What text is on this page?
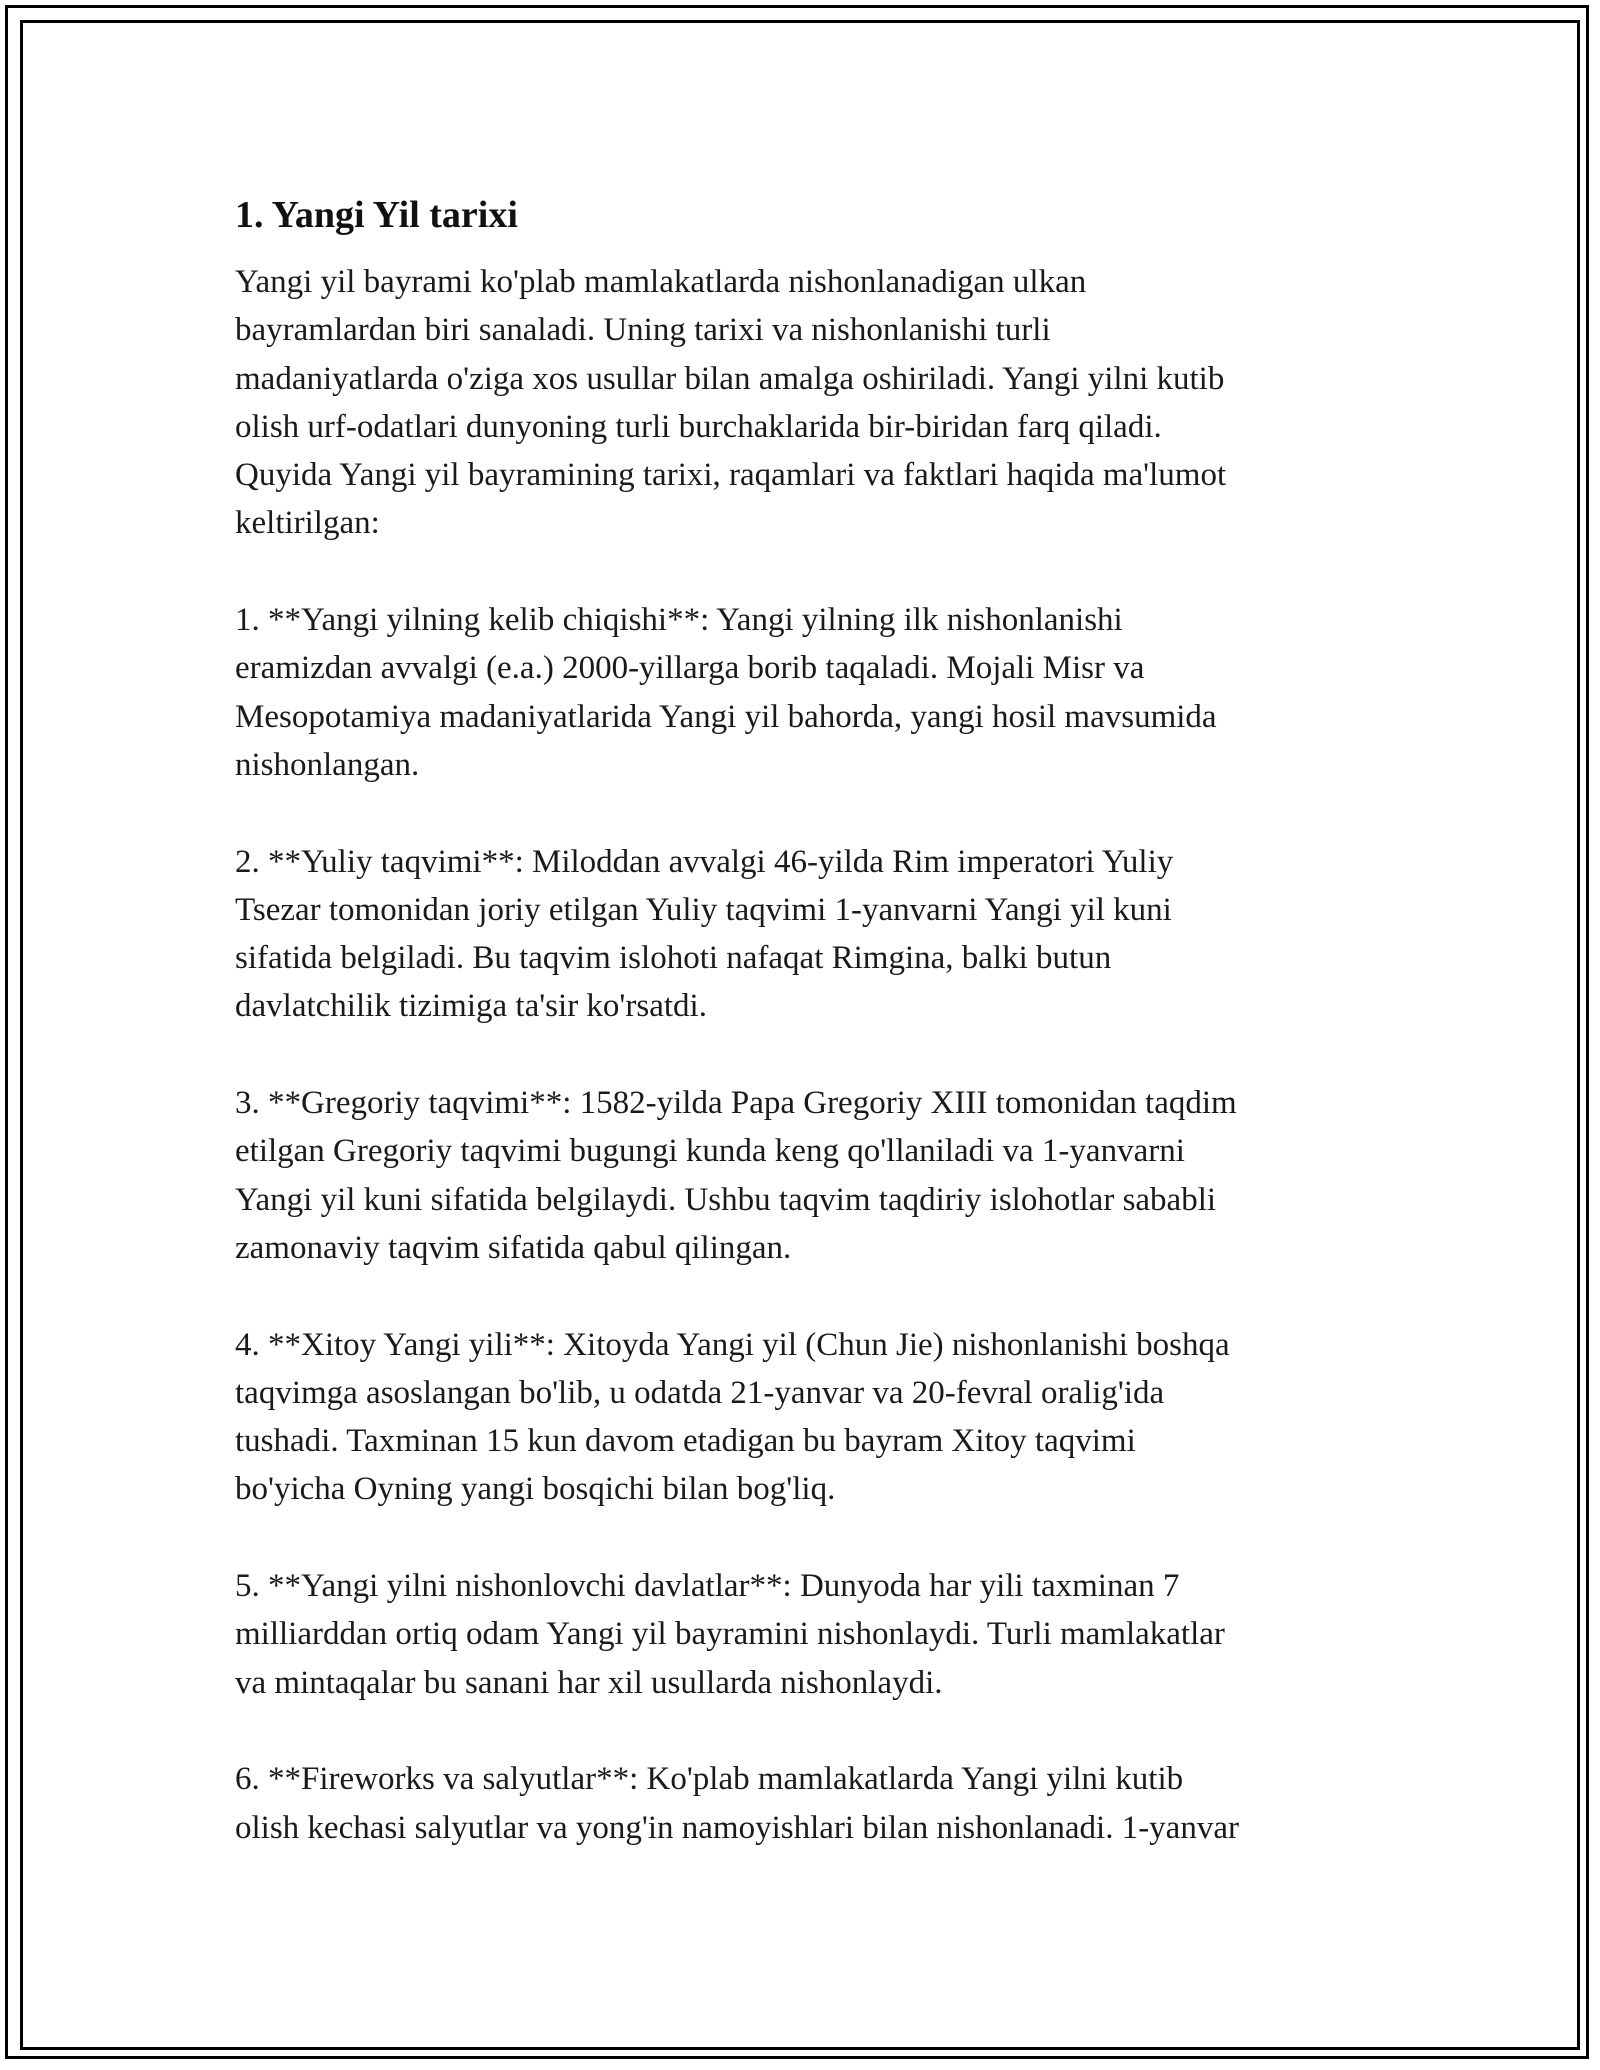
1. Yangi Yil tarixi

Yangi yil bayrami ko'plab mamlakatlarda nishonlanadigan ulkan
bayramlardan biri sanaladi. Uning tarixi va nishonlanishi turli
madaniyatlarda o'ziga xos usullar bilan amalga oshiriladi. Yangi yilni kutib
olish urf-odatlari dunyoning turli burchaklarida bir-biridan farq qiladi.
Quyida Yangi yil bayramining tarixi, raqamlari va faktlari haqida ma'lumot
keltirilgan:

1. **Yangi yilning kelib chiqishi**: Yangi yilning ilk nishonlanishi
eramizdan avvalgi (e.a.) 2000-yillarga borib taqaladi. Mojali Misr va
Mesopotamiya madaniyatlarida Yangi yil bahorda, yangi hosil mavsumida
nishonlangan.

2. **Yuliy taqvimi**: Miloddan avvalgi 46-yilda Rim imperatori Yuliy
Tsezar tomonidan joriy etilgan Yuliy taqvimi 1-yanvarni Yangi yil kuni
sifatida belgiladi. Bu taqvim islohoti nafaqat Rimgina, balki butun
davlatchilik tizimiga ta'sir ko'rsatdi.

3. **Gregoriy taqvimi**: 1582-yilda Papa Gregoriy XIII tomonidan taqdim
etilgan Gregoriy taqvimi bugungi kunda keng qo'llaniladi va 1-yanvarni
Yangi yil kuni sifatida belgilaydi. Ushbu taqvim taqdiriy islohotlar sababli
zamonaviy taqvim sifatida qabul qilingan.

4. **Xitoy Yangi yili**: Xitoyda Yangi yil (Chun Jie) nishonlanishi boshqa
taqvimga asoslangan bo'lib, u odatda 21-yanvar va 20-fevral oralig'ida
tushadi. Taxminan 15 kun davom etadigan bu bayram Xitoy taqvimi
bo'yicha Oyning yangi bosqichi bilan bog'liq.

5. **Yangi yilni nishonlovchi davlatlar**: Dunyoda har yili taxminan 7
milliarddan ortiq odam Yangi yil bayramini nishonlaydi. Turli mamlakatlar
va mintaqalar bu sanani har xil usullarda nishonlaydi.

6. **Fireworks va salyutlar**: Ko'plab mamlakatlarda Yangi yilni kutib
olish kechasi salyutlar va yong'in namoyishlari bilan nishonlanadi. 1-yanvar
